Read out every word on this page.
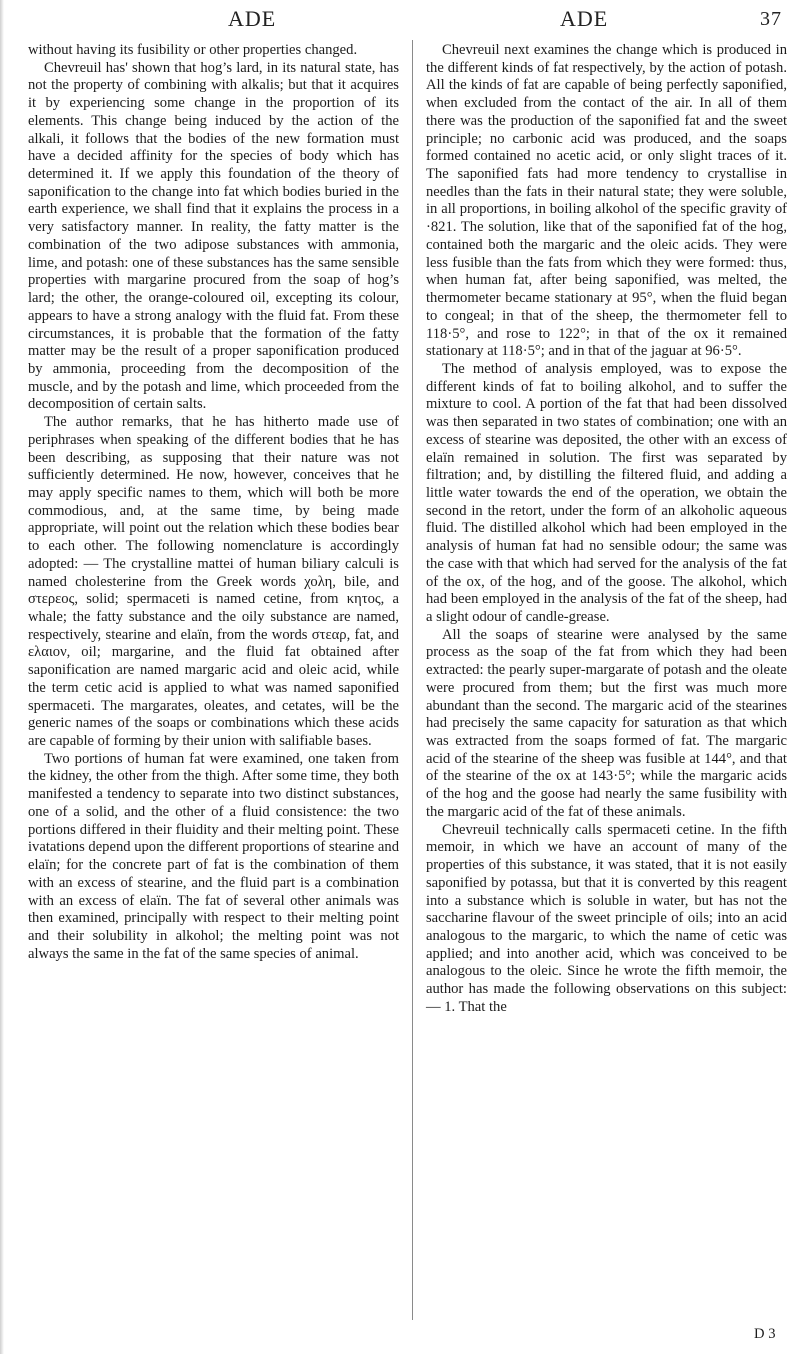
ADE	ADE	37

without having its fusibility or other properties changed.

Chevreuil has' shown that hog’s lard, in its natural state, has not the property of combining with alkalis; but that it acquires it by experiencing some change in the proportion of its elements. This change being induced by the action of the alkali, it follows that the bodies of the new formation must have a decided affinity for the species of body which has determined it. If we apply this foundation of the theory of saponification to the change into fat which bodies buried in the earth experience, we shall find that it explains the process in a very satisfactory manner. In reality, the fatty matter is the combination of the two adipose substances with ammonia, lime, and potash: one of these substances has the same sensible properties with margarine procured from the soap of hog’s lard; the other, the orange-coloured oil, excepting its colour, appears to have a strong analogy with the fluid fat. From these circumstances, it is probable that the formation of the fatty matter may be the result of a proper saponification produced by ammonia, proceeding from the decomposition of the muscle, and by the potash and lime, which proceeded from the decomposition of certain salts.

The author remarks, that he has hitherto made use of periphrases when speaking of the different bodies that he has been describing, as supposing that their nature was not sufficiently determined. He now, however, conceives that he may apply specific names to them, which will both be more commodious, and, at the same time, by being made appropriate, will point out the relation which these bodies bear to each other. The following nomenclature is accordingly adopted: — The crystalline mattei of human biliary calculi is named cholesterine from the Greek words χολη, bile, and στερεος, solid; spermaceti is named cetine, from κητος, a whale; the fatty substance and the oily substance are named, respectively, stearine and elaïn, from the words στεαρ, fat, and ελαιον, oil; margarine, and the fluid fat obtained after saponification are named margaric acid and oleic acid, while the term cetic acid is applied to what was named saponified spermaceti. The margarates, oleates, and cetates, will be the generic names of the soaps or combinations which these acids are capable of forming by their union with salifiable bases.

Two portions of human fat were examined, one taken from the kidney, the other from the thigh. After some time, they both manifested a tendency to separate into two distinct substances, one of a solid, and the other of a fluid consistence: the two portions differed in their fluidity and their melting point. These ivatations depend upon the different proportions of stearine and elaïn; for the concrete part of fat is the combination of them with an excess of stearine, and the fluid part is a combination with an excess of elaïn. The fat of several other animals was then examined, principally with respect to their melting point and their solubility in alkohol; the melting point was not always the same in the fat of the same species of animal.

Chevreuil next examines the change which is produced in the different kinds of fat respectively, by the action of potash. All the kinds of fat are capable of being perfectly saponified, when excluded from the contact of the air. In all of them there was the production of the saponified fat and the sweet principle; no carbonic acid was produced, and the soaps formed contained no acetic acid, or only slight traces of it. The saponified fats had more tendency to crystallise in needles than the fats in their natural state; they were soluble, in all proportions, in boiling alkohol of the specific gravity of ·821. The solution, like that of the saponified fat of the hog, contained both the margaric and the oleic acids. They were less fusible than the fats from which they were formed: thus, when human fat, after being saponified, was melted, the thermometer became stationary at 95°, when the fluid began to congeal; in that of the sheep, the thermometer fell to 118·5°, and rose to 122°; in that of the ox it remained stationary at 118·5°; and in that of the jaguar at 96·5°.

The method of analysis employed, was to expose the different kinds of fat to boiling alkohol, and to suffer the mixture to cool. A portion of the fat that had been dissolved was then separated in two states of combination; one with an excess of stearine was deposited, the other with an excess of elaïn remained in solution. The first was separated by filtration; and, by distilling the filtered fluid, and adding a little water towards the end of the operation, we obtain the second in the retort, under the form of an alkoholic aqueous fluid. The distilled alkohol which had been employed in the analysis of human fat had no sensible odour; the same was the case with that which had served for the analysis of the fat of the ox, of the hog, and of the goose. The alkohol, which had been employed in the analysis of the fat of the sheep, had a slight odour of candle-grease.

All the soaps of stearine were analysed by the same process as the soap of the fat from which they had been extracted: the pearly super-margarate of potash and the oleate were procured from them; but the first was much more abundant than the second. The margaric acid of the stearines had precisely the same capacity for saturation as that which was extracted from the soaps formed of fat. The margaric acid of the stearine of the sheep was fusible at 144°, and that of the stearine of the ox at 143·5°; while the margaric acids of the hog and the goose had nearly the same fusibility with the margaric acid of the fat of these animals.

Chevreuil technically calls spermaceti cetine. In the fifth memoir, in which we have an account of many of the properties of this substance, it was stated, that it is not easily saponified by potassa, but that it is converted by this reagent into a substance which is soluble in water, but has not the saccharine flavour of the sweet principle of oils; into an acid analogous to the margaric, to which the name of cetic was applied; and into another acid, which was conceived to be analogous to the oleic. Since he wrote the fifth memoir, the author has made the following observations on this subject: — 1. That the

D 3
